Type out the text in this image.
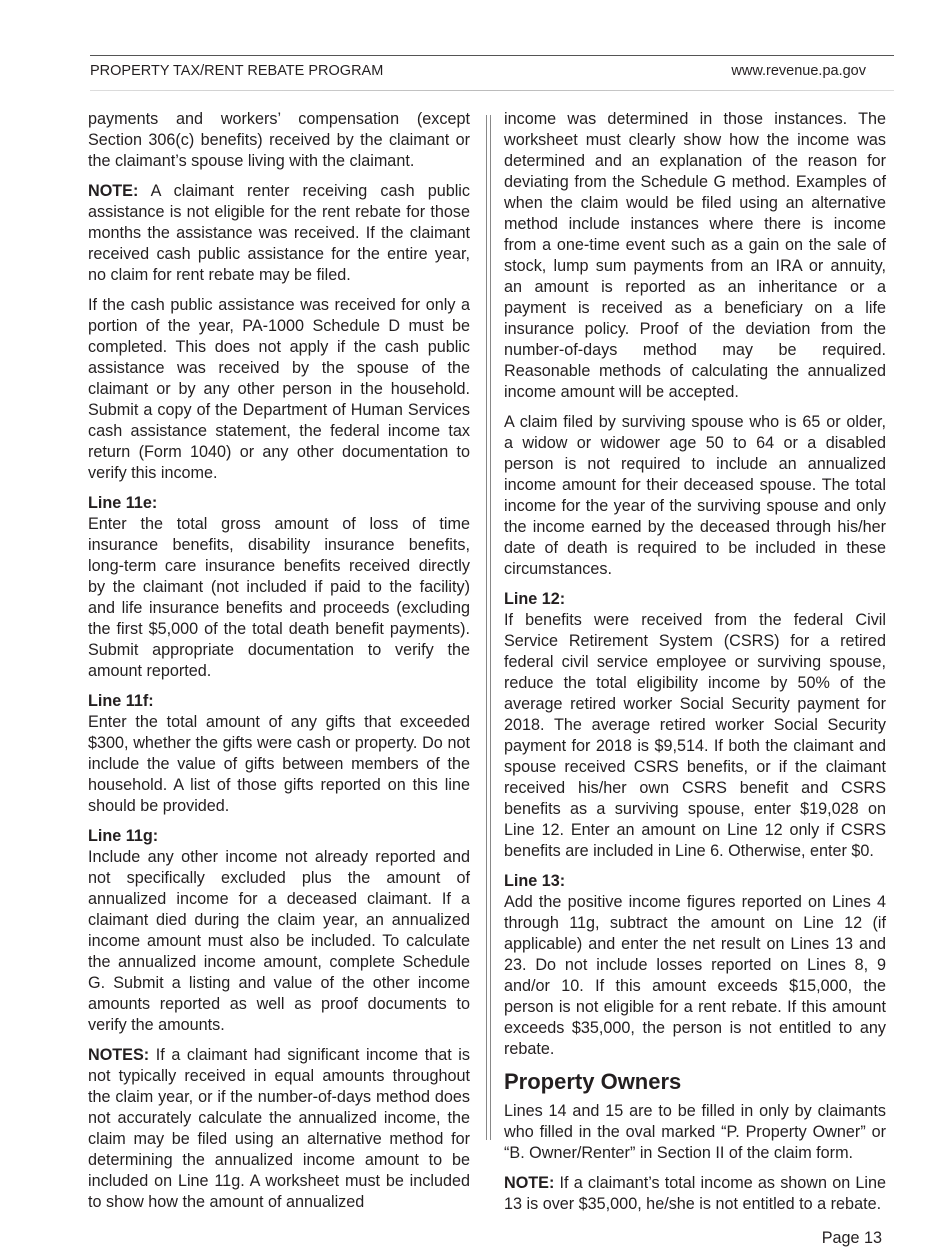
PROPERTY TAX/RENT REBATE PROGRAM	www.revenue.pa.gov

payments and workers’ compensation (except Section 306(c) benefits) received by the claimant or the claimant’s spouse living with the claimant.

NOTE: A claimant renter receiving cash public assistance is not eligible for the rent rebate for those months the assistance was received. If the claimant received cash public assistance for the entire year, no claim for rent rebate may be filed.

If the cash public assistance was received for only a portion of the year, PA-1000 Schedule D must be completed. This does not apply if the cash public assistance was received by the spouse of the claimant or by any other person in the household. Submit a copy of the Department of Human Services cash assistance statement, the federal income tax return (Form 1040) or any other documentation to verify this income.

Line 11e:

Enter the total gross amount of loss of time insurance benefits, disability insurance benefits, long-term care insurance benefits received directly by the claimant (not included if paid to the facility) and life insurance benefits and proceeds (excluding the first $5,000 of the total death benefit payments). Submit appropriate documentation to verify the amount reported.

Line 11f:

Enter the total amount of any gifts that exceeded $300, whether the gifts were cash or property. Do not include the value of gifts between members of the household. A list of those gifts reported on this line should be provided.

Line 11g:

Include any other income not already reported and not specifically excluded plus the amount of annualized income for a deceased claimant. If a claimant died during the claim year, an annualized income amount must also be included. To calculate the annualized income amount, complete Schedule G. Submit a listing and value of the other income amounts reported as well as proof documents to verify the amounts.

NOTES: If a claimant had significant income that is not typically received in equal amounts throughout the claim year, or if the number-of-days method does not accurately calculate the annualized income, the claim may be filed using an alternative method for determining the annualized income amount to be included on Line 11g. A worksheet must be included to show how the amount of annualized

income was determined in those instances. The worksheet must clearly show how the income was determined and an explanation of the reason for deviating from the Schedule G method. Examples of when the claim would be filed using an alternative method include instances where there is income from a one-time event such as a gain on the sale of stock, lump sum payments from an IRA or annuity, an amount is reported as an inheritance or a payment is received as a beneficiary on a life insurance policy. Proof of the deviation from the number-of-days method may be required. Reasonable methods of calculating the annualized income amount will be accepted.

A claim filed by surviving spouse who is 65 or older, a widow or widower age 50 to 64 or a disabled person is not required to include an annualized income amount for their deceased spouse. The total income for the year of the surviving spouse and only the income earned by the deceased through his/her date of death is required to be included in these circumstances.

Line 12:

If benefits were received from the federal Civil Service Retirement System (CSRS) for a retired federal civil service employee or surviving spouse, reduce the total eligibility income by 50% of the average retired worker Social Security payment for 2018. The average retired worker Social Security payment for 2018 is $9,514. If both the claimant and spouse received CSRS benefits, or if the claimant received his/her own CSRS benefit and CSRS benefits as a surviving spouse, enter $19,028 on Line 12. Enter an amount on Line 12 only if CSRS benefits are included in Line 6. Otherwise, enter $0.

Line 13:

Add the positive income figures reported on Lines 4 through 11g, subtract the amount on Line 12 (if applicable) and enter the net result on Lines 13 and 23. Do not include losses reported on Lines 8, 9 and/or 10. If this amount exceeds $15,000, the person is not eligible for a rent rebate. If this amount exceeds $35,000, the person is not entitled to any rebate.

Property Owners

Lines 14 and 15 are to be filled in only by claimants who filled in the oval marked “P. Property Owner” or “B. Owner/Renter” in Section II of the claim form.

NOTE: If a claimant’s total income as shown on Line 13 is over $35,000, he/she is not entitled to a rebate.

Page 13
